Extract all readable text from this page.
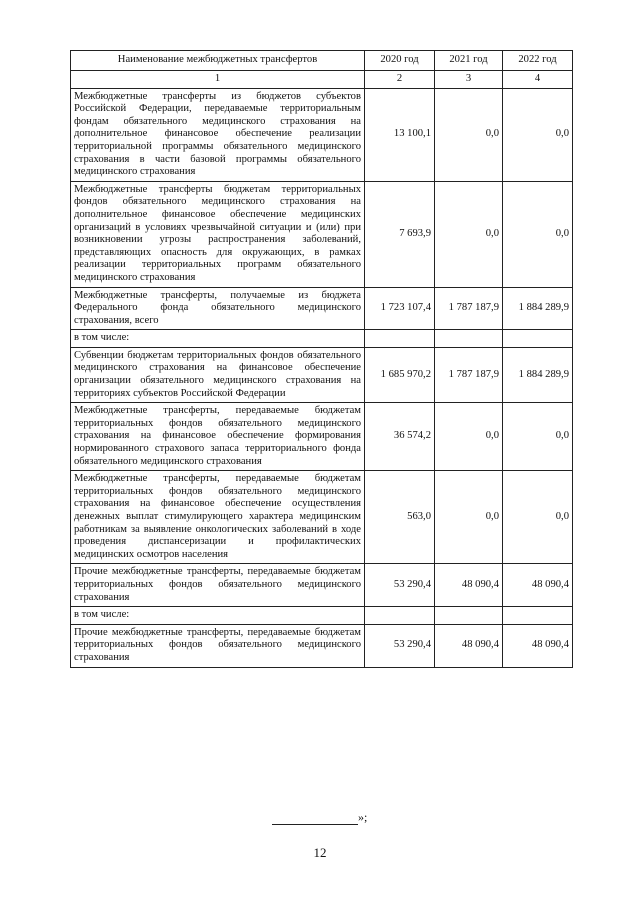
Наименование межбюджетных трансфертов	2020 год	2021 год	2022 год
1	2	3	4
Межбюджетные трансферты из бюджетов субъектов Российской Федерации, передаваемые территориальным фондам обязательного медицинского страхования на дополнительное финансовое обеспечение реализации территориальной программы обязательного медицинского страхования в части базовой программы обязательного медицинского страхования	13 100,1	0,0	0,0
Межбюджетные трансферты бюджетам территориальных фондов обязательного медицинского страхования на дополнительное финансовое обеспечение медицинских организаций в условиях чрезвычайной ситуации и (или) при возникновении угрозы распространения заболеваний, представляющих опасность для окружающих, в рамках реализации территориальных программ обязательного медицинского страхования	7 693,9	0,0	0,0
Межбюджетные трансферты, получаемые из бюджета Федерального фонда обязательного медицинского страхования, всего	1 723 107,4	1 787 187,9	1 884 289,9
в том числе:			
Субвенции бюджетам территориальных фондов обязательного медицинского страхования на финансовое обеспечение организации обязательного медицинского страхования на территориях субъектов Российской Федерации	1 685 970,2	1 787 187,9	1 884 289,9
Межбюджетные трансферты, передаваемые бюджетам территориальных фондов обязательного медицинского страхования на финансовое обеспечение формирования нормированного страхового запаса территориального фонда обязательного медицинского страхования	36 574,2	0,0	0,0
Межбюджетные трансферты, передаваемые бюджетам территориальных фондов обязательного медицинского страхования на финансовое обеспечение осуществления денежных выплат стимулирующего характера медицинским работникам за выявление онкологических заболеваний в ходе проведения диспансеризации и профилактических медицинских осмотров населения	563,0	0,0	0,0
Прочие межбюджетные трансферты, передаваемые бюджетам территориальных фондов обязательного медицинского страхования	53 290,4	48 090,4	48 090,4
в том числе:			
Прочие межбюджетные трансферты, передаваемые бюджетам территориальных фондов обязательного медицинского страхования	53 290,4	48 090,4	48 090,4
»;
12
